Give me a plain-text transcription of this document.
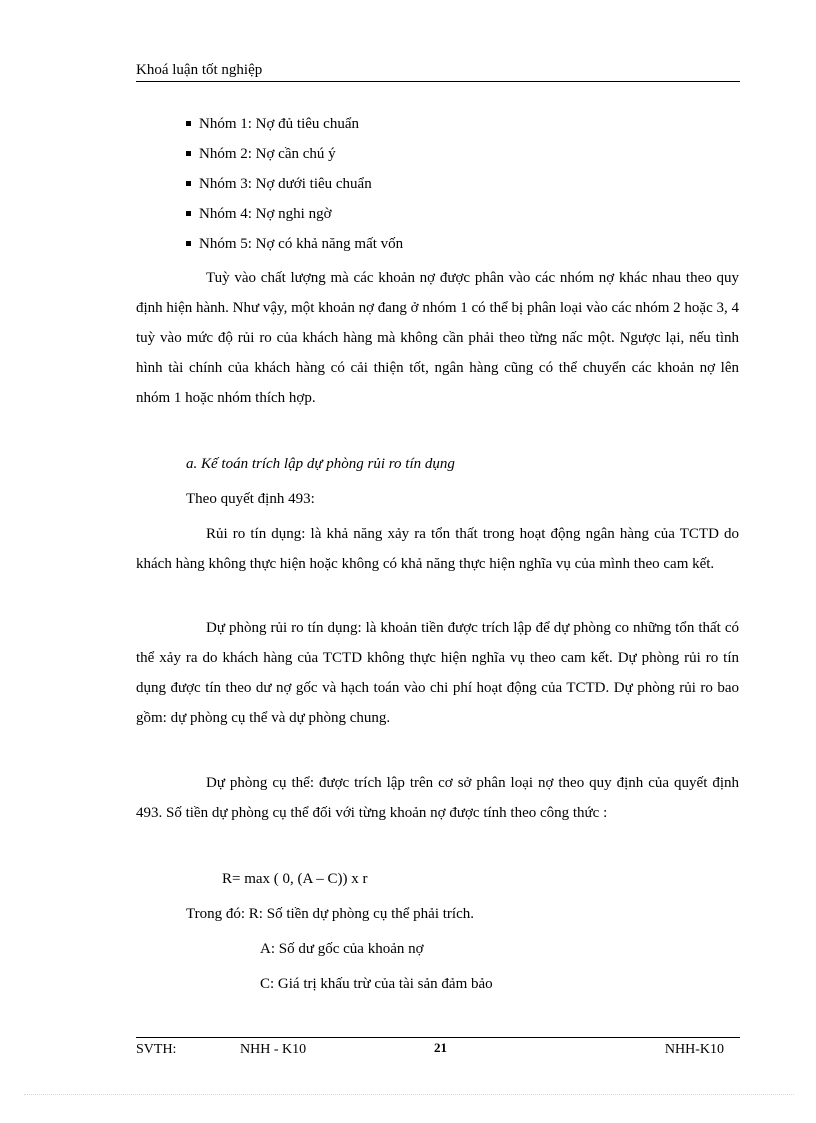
Khoá luận tốt nghiệp
Nhóm 1: Nợ đủ tiêu chuẩn
Nhóm 2: Nợ cần chú ý
Nhóm 3: Nợ dưới tiêu chuẩn
Nhóm 4: Nợ nghi ngờ
Nhóm 5: Nợ có khả năng mất vốn

Tuỳ vào chất lượng mà các khoản nợ được phân vào các nhóm nợ khác nhau theo quy định hiện hành. Như vậy, một khoản nợ đang ở nhóm 1 có thể bị phân loại vào các nhóm 2 hoặc 3, 4 tuỳ vào mức độ rủi ro của khách hàng mà không cần phải theo từng nấc một. Ngược lại, nếu tình hình tài chính của khách hàng có cải thiện tốt, ngân hàng cũng có thể chuyển các khoản nợ lên nhóm 1 hoặc nhóm thích hợp.

a. Kế toán trích lập dự phòng rủi ro tín dụng

Theo quyết định 493:

Rủi ro tín dụng: là khả năng xảy ra tổn thất trong hoạt động ngân hàng của TCTD do khách hàng không thực hiện hoặc không có khả năng thực hiện nghĩa vụ của mình theo cam kết.

Dự phòng rủi ro tín dụng: là khoản tiền được trích lập để dự phòng co những tổn thất có thể xảy ra do khách hàng của TCTD không thực hiện nghĩa vụ theo cam kết. Dự phòng rủi ro tín dụng được tín theo dư nợ gốc và hạch toán vào chi phí hoạt động của TCTD. Dự phòng rủi ro bao gồm: dự phòng cụ thể và dự phòng chung.

Dự phòng cụ thể: được trích lập trên cơ sở phân loại nợ theo quy định của quyết định 493. Số tiền dự phòng cụ thể đối với từng khoản nợ được tính theo công thức :

R= max ( 0, (A – C)) x r

Trong đó: R: Số tiền dự phòng cụ thể phải trích.

A: Số dư gốc của khoản nợ

C: Giá trị khấu trừ của tài sản đảm bảo

SVTH:	NHH - K10	21	NHH-K10
